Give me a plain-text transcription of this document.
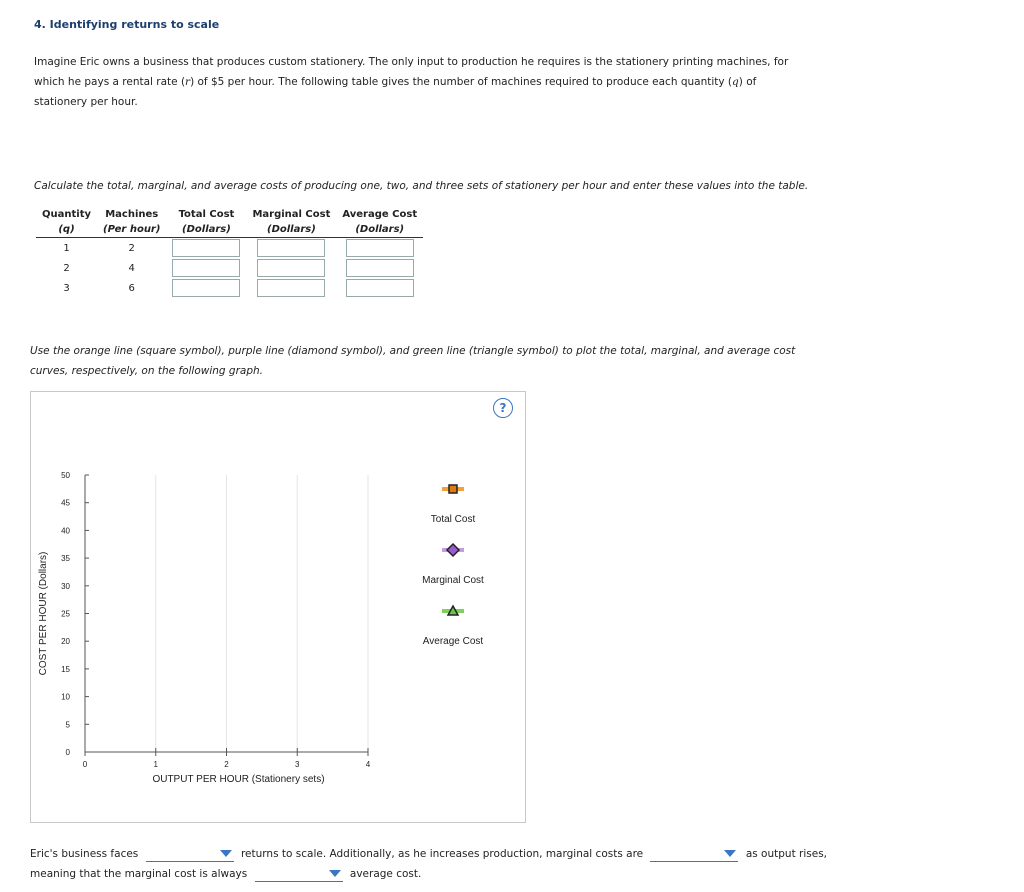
4. Identifying returns to scale
Imagine Eric owns a business that produces custom stationery. The only input to production he requires is the stationery printing machines, for which he pays a rental rate (r) of $5 per hour. The following table gives the number of machines required to produce each quantity (q) of stationery per hour.
Calculate the total, marginal, and average costs of producing one, two, and three sets of stationery per hour and enter these values into the table.
Quantity	Machines	Total Cost	Marginal Cost	Average Cost
(q)	(Per hour)	(Dollars)	(Dollars)	(Dollars)
1	2			
2	4			
3	6			
Use the orange line (square symbol), purple line (diamond symbol), and green line (triangle symbol) to plot the total, marginal, and average cost curves, respectively, on the following graph.
?
0
5
10
15
20
25
30
35
40
45
50
0	1	2	3	4
OUTPUT PER HOUR (Stationery sets)
COST PER HOUR (Dollars)
Total Cost
Marginal Cost
Average Cost
Eric's business faces	returns to scale. Additionally, as he increases production, marginal costs are	as output rises,
meaning that the marginal cost is always	average cost.
